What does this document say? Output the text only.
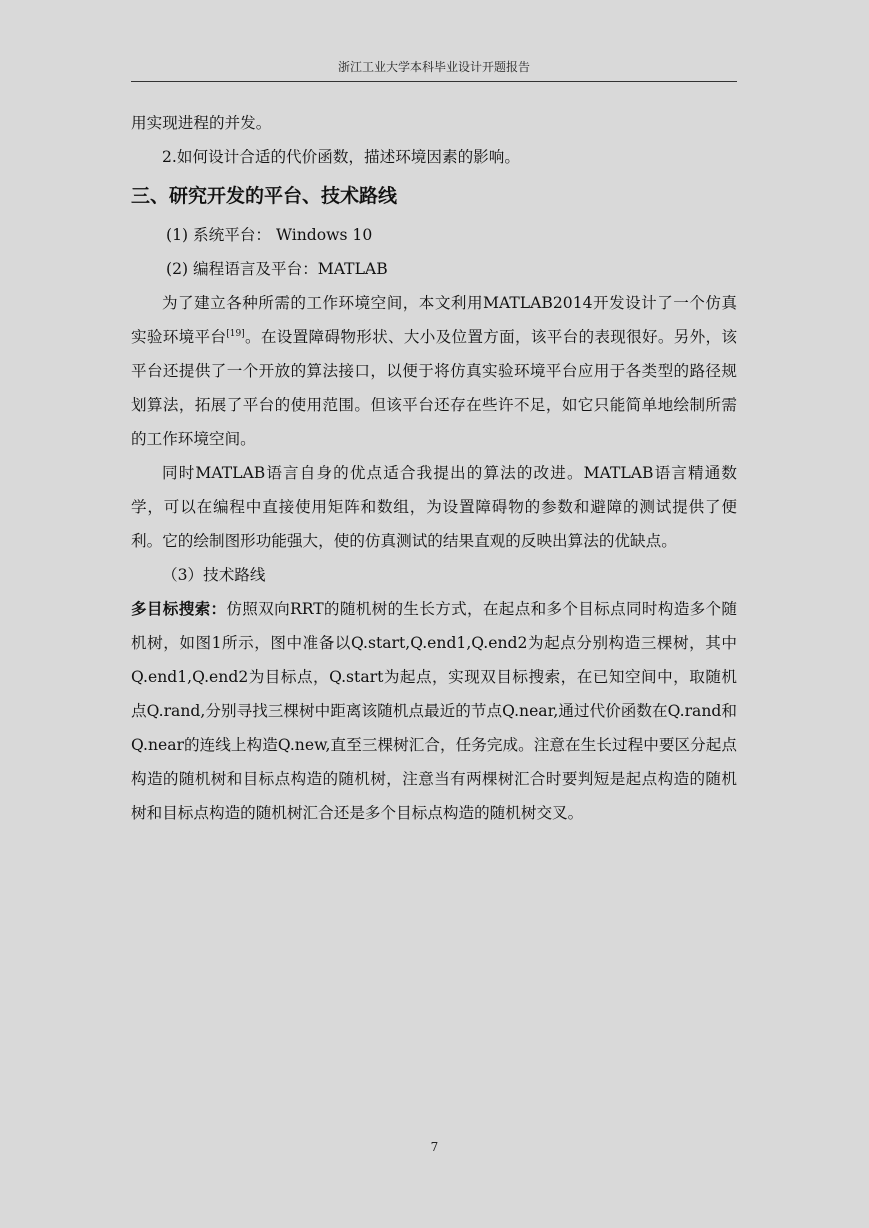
浙江工业大学本科毕业设计开题报告

用实现进程的并发。

2.如何设计合适的代价函数，描述环境因素的影响。

三、研究开发的平台、技术路线

(1) 系统平台： Windows 10

(2) 编程语言及平台：MATLAB

为了建立各种所需的工作环境空间，本文利用MATLAB2014开发设计了一个仿真实验环境平台[19]。在设置障碍物形状、大小及位置方面，该平台的表现很好。另外，该平台还提供了一个开放的算法接口，以便于将仿真实验环境平台应用于各类型的路径规划算法，拓展了平台的使用范围。但该平台还存在些许不足，如它只能简单地绘制所需的工作环境空间。

同时MATLAB语言自身的优点适合我提出的算法的改进。MATLAB语言精通数学，可以在编程中直接使用矩阵和数组，为设置障碍物的参数和避障的测试提供了便利。它的绘制图形功能强大，使的仿真测试的结果直观的反映出算法的优缺点。

（3）技术路线

多目标搜索：仿照双向RRT的随机树的生长方式，在起点和多个目标点同时构造多个随机树，如图1所示，图中准备以Q.start,Q.end1,Q.end2为起点分别构造三棵树，其中Q.end1,Q.end2为目标点，Q.start为起点，实现双目标搜索，在已知空间中，取随机点Q.rand,分别寻找三棵树中距离该随机点最近的节点Q.near,通过代价函数在Q.rand和Q.near的连线上构造Q.new,直至三棵树汇合，任务完成。注意在生长过程中要区分起点构造的随机树和目标点构造的随机树，注意当有两棵树汇合时要判短是起点构造的随机树和目标点构造的随机树汇合还是多个目标点构造的随机树交叉。

7
